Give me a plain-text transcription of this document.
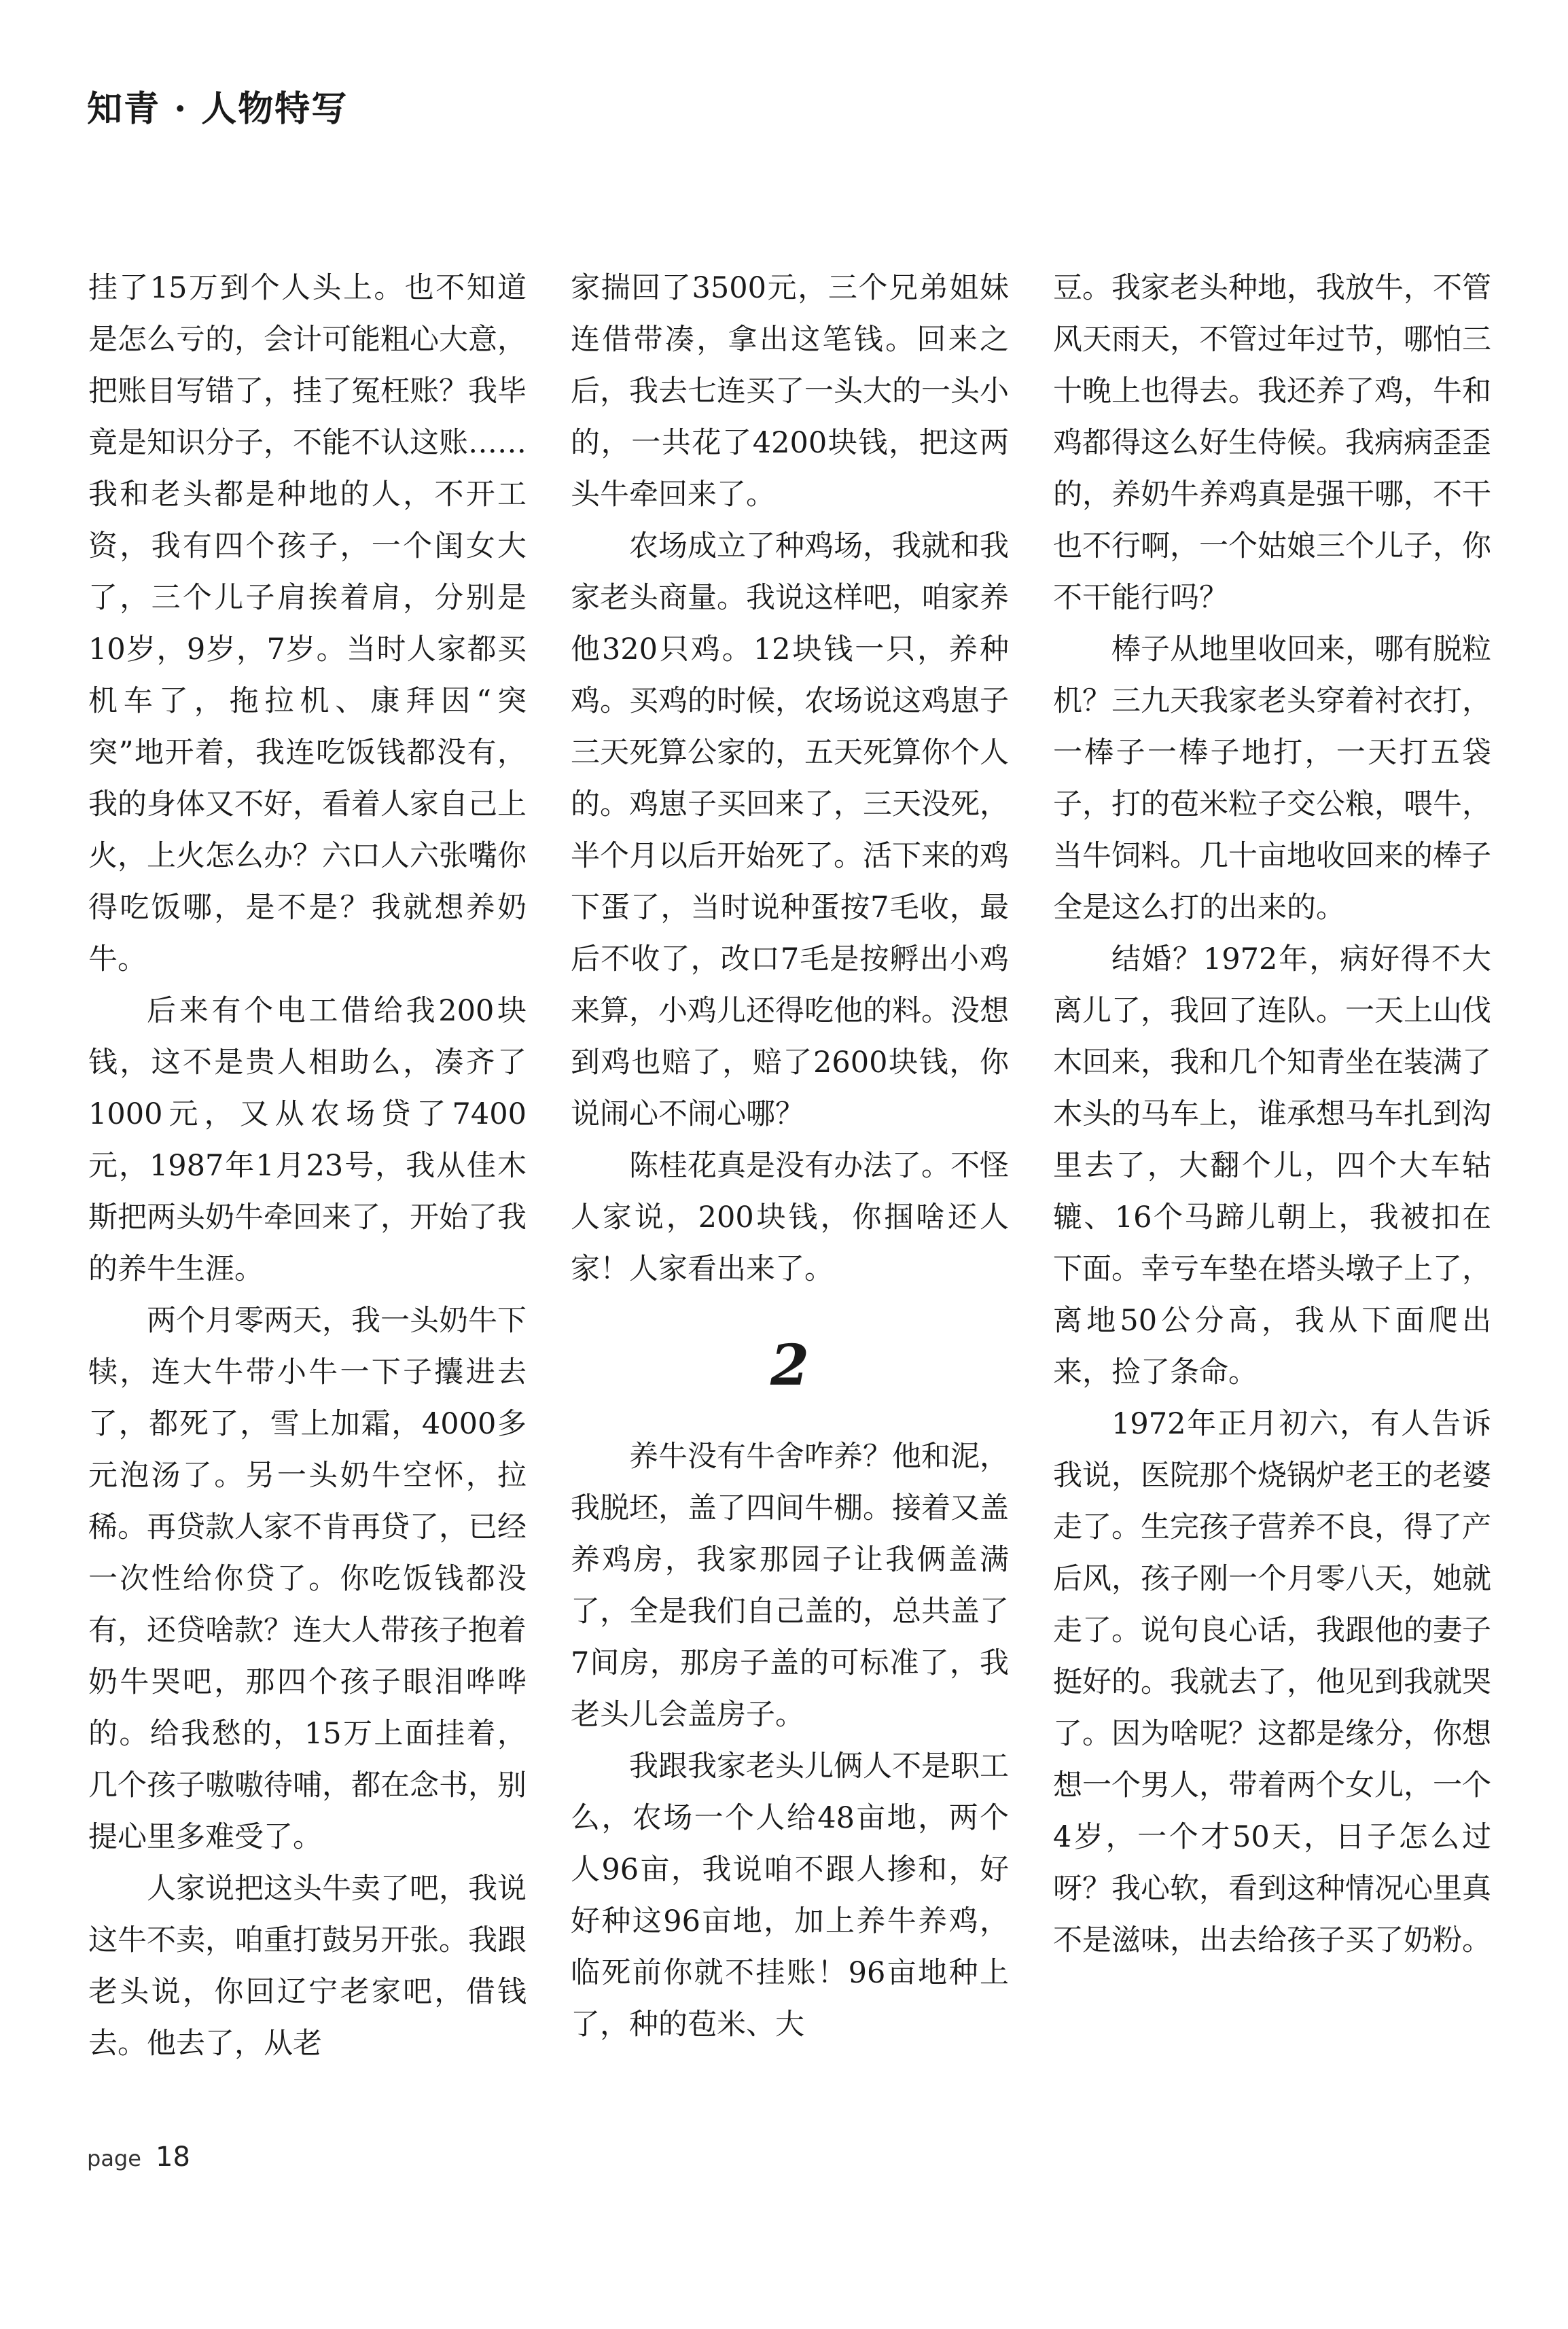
知青 · 人物特写

挂了15万到个人头上。也不知道是怎么亏的，会计可能粗心大意，把账目写错了，挂了冤枉账？我毕竟是知识分子，不能不认这账……我和老头都是种地的人，不开工资，我有四个孩子，一个闺女大了，三个儿子肩挨着肩，分别是10岁，9岁，7岁。当时人家都买机车了，拖拉机、康拜因“突突”地开着，我连吃饭钱都没有，我的身体又不好，看着人家自己上火，上火怎么办？六口人六张嘴你得吃饭哪，是不是？我就想养奶牛。

后来有个电工借给我200块钱，这不是贵人相助么，凑齐了1000元，又从农场贷了7400元，1987年1月23号，我从佳木斯把两头奶牛牵回来了，开始了我的养牛生涯。

两个月零两天，我一头奶牛下犊，连大牛带小牛一下子攮进去了，都死了，雪上加霜，4000多元泡汤了。另一头奶牛空怀，拉稀。再贷款人家不肯再贷了，已经一次性给你贷了。你吃饭钱都没有，还贷啥款？连大人带孩子抱着奶牛哭吧，那四个孩子眼泪哗哗的。给我愁的，15万上面挂着，几个孩子嗷嗷待哺，都在念书，别提心里多难受了。

人家说把这头牛卖了吧，我说这牛不卖，咱重打鼓另开张。我跟老头说，你回辽宁老家吧，借钱去。他去了，从老

家揣回了3500元，三个兄弟姐妹连借带凑，拿出这笔钱。回来之后，我去七连买了一头大的一头小的，一共花了4200块钱，把这两头牛牵回来了。

农场成立了种鸡场，我就和我家老头商量。我说这样吧，咱家养他320只鸡。12块钱一只，养种鸡。买鸡的时候，农场说这鸡崽子三天死算公家的，五天死算你个人的。鸡崽子买回来了，三天没死，半个月以后开始死了。活下来的鸡下蛋了，当时说种蛋按7毛收，最后不收了，改口7毛是按孵出小鸡来算，小鸡儿还得吃他的料。没想到鸡也赔了，赔了2600块钱，你说闹心不闹心哪？

陈桂花真是没有办法了。不怪人家说，200块钱，你掴啥还人家！人家看出来了。

2

养牛没有牛舍咋养？他和泥，我脱坯，盖了四间牛棚。接着又盖养鸡房，我家那园子让我俩盖满了，全是我们自己盖的，总共盖了7间房，那房子盖的可标准了，我老头儿会盖房子。

我跟我家老头儿俩人不是职工么，农场一个人给48亩地，两个人96亩，我说咱不跟人掺和，好好种这96亩地，加上养牛养鸡，临死前你就不挂账！96亩地种上了，种的苞米、大

豆。我家老头种地，我放牛，不管风天雨天，不管过年过节，哪怕三十晚上也得去。我还养了鸡，牛和鸡都得这么好生侍候。我病病歪歪的，养奶牛养鸡真是强干哪，不干也不行啊，一个姑娘三个儿子，你不干能行吗？

棒子从地里收回来，哪有脱粒机？三九天我家老头穿着衬衣打，一棒子一棒子地打，一天打五袋子，打的苞米粒子交公粮，喂牛，当牛饲料。几十亩地收回来的棒子全是这么打的出来的。

结婚？1972年，病好得不大离儿了，我回了连队。一天上山伐木回来，我和几个知青坐在装满了木头的马车上，谁承想马车扎到沟里去了，大翻个儿，四个大车轱辘、16个马蹄儿朝上，我被扣在下面。幸亏车垫在塔头墩子上了，离地50公分高，我从下面爬出来，捡了条命。

1972年正月初六，有人告诉我说，医院那个烧锅炉老王的老婆走了。生完孩子营养不良，得了产后风，孩子刚一个月零八天，她就走了。说句良心话，我跟他的妻子挺好的。我就去了，他见到我就哭了。因为啥呢？这都是缘分，你想想一个男人，带着两个女儿，一个4岁，一个才50天，日子怎么过呀？我心软，看到这种情况心里真不是滋味，出去给孩子买了奶粉。

page 18
